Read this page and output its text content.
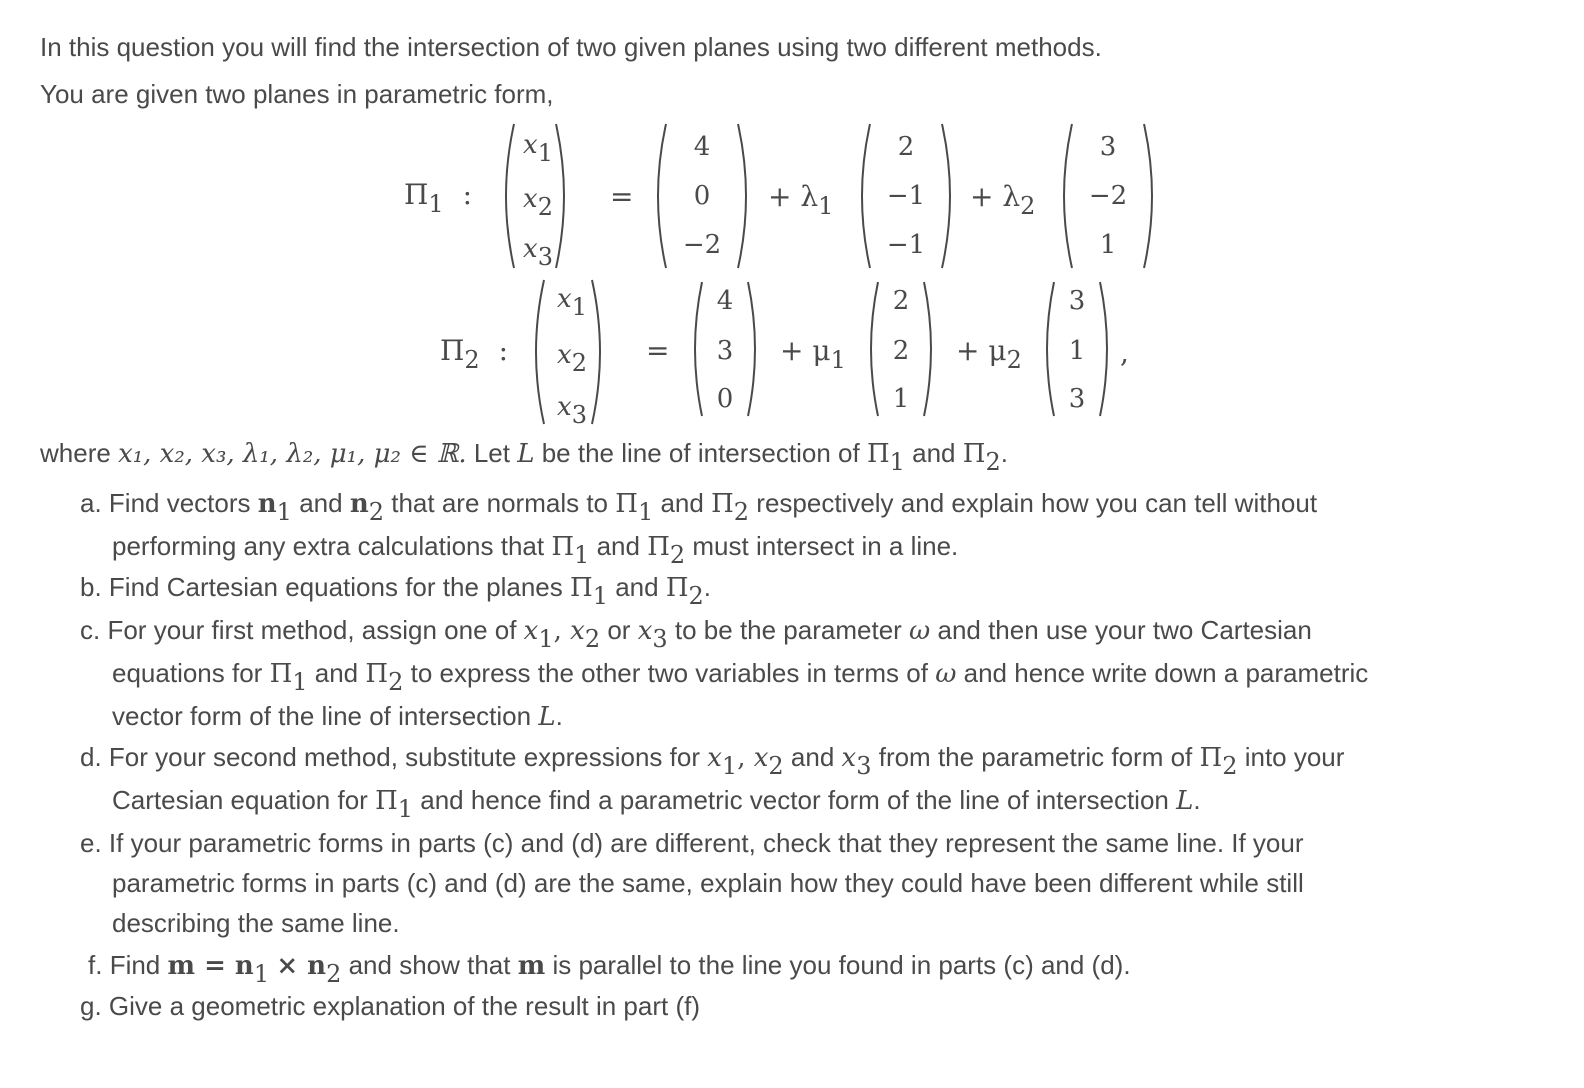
In this question you will find the intersection of two given planes using two different methods.
You are given two planes in parametric form,
$\Pi_1$ :
$x_1$
$x_2$
$x_3$
=
4
0
−2
+ $\lambda_1$
2
−1
−1
+ $\lambda_2$
3
−2
1
$\Pi_2$ :
$x_1$
$x_2$
$x_3$
=
4
3
0
+ $\mu_1$
2
2
1
+ $\mu_2$
3
1
3
,
where x₁, x₂, x₃, λ₁, λ₂, μ₁, μ₂ ∈ ℝ. Let L be the line of intersection of $\Pi_1$ and $\Pi_2$.
a. Find vectors $n_1$ and $n_2$ that are normals to $\Pi_1$ and $\Pi_2$ respectively and explain how you can tell without
performing any extra calculations that $\Pi_1$ and $\Pi_2$ must intersect in a line.
b. Find Cartesian equations for the planes $\Pi_1$ and $\Pi_2$.
c. For your first method, assign one of $x_1$, $x_2$ or $x_3$ to be the parameter ω and then use your two Cartesian
equations for $\Pi_1$ and $\Pi_2$ to express the other two variables in terms of ω and hence write down a parametric
vector form of the line of intersection L.
d. For your second method, substitute expressions for $x_1$, $x_2$ and $x_3$ from the parametric form of $\Pi_2$ into your
Cartesian equation for $\Pi_1$ and hence find a parametric vector form of the line of intersection L.
e. If your parametric forms in parts (c) and (d) are different, check that they represent the same line. If your
parametric forms in parts (c) and (d) are the same, explain how they could have been different while still
describing the same line.
f. Find $m = n_1 \times n_2$ and show that m is parallel to the line you found in parts (c) and (d).
g. Give a geometric explanation of the result in part (f)
